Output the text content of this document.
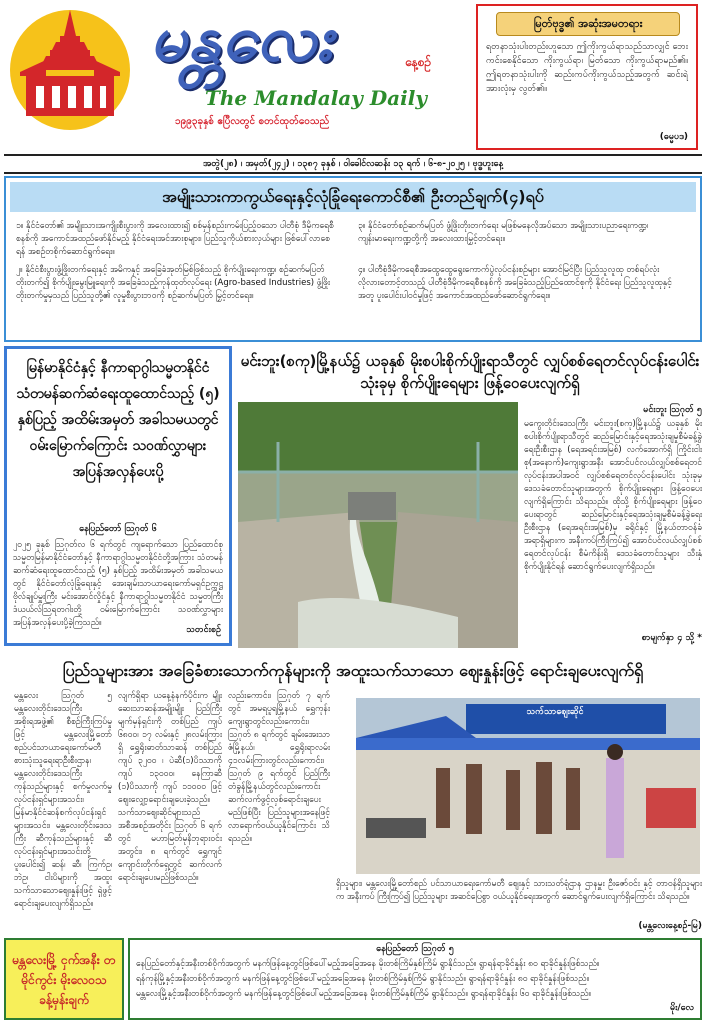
မန္တလေး	နေ့စဉ်
The Mandalay Daily
၁၉၉၃ခုနှစ် ဧပြီလတွင် စတင်ထုတ်ဝေသည်
မြတ်ဗုဒ္ဓ၏ အဆုံးအမတရား
ရတနာသုံးပါးတည်းဟူသော ဤကိုးကွယ်ရာသည်သာလျှင် ဘေးကင်းစေနိုင်သော ကိုးကွယ်ရာ၊ မြတ်သော ကိုးကွယ်ရာမည်၏။ ဤရတနာသုံးပါးကို ဆည်းကပ်ကိုးကွယ်သည့်အတွက် ဆင်းရဲအားလုံးမှ လွတ်၏။
(ဓမ္မပဒ)
အတွဲ(၂၈) ၊ အမှတ်(၂၄၂) ၊ ၁၃၈၇ ခုနှစ် ၊ ဝါခေါင်လဆန်း ၁၃ ရက် ၊ ၆-၈-၂၀၂၅ ၊ ဗုဒ္ဓဟူးနေ့
အမျိုးသားကာကွယ်ရေးနှင့်လုံခြုံရေးကောင်စီ၏ ဦးတည်ချက်(၄)ရပ်
၁။ နိုင်ငံတော်၏ အမျိုးသားအကျိုးစီးပွားကို အလေးထား၍ စစ်မှန်စည်းကမ်းပြည့်ဝသော ပါတီစုံ ဒီမိုကရေစီစနစ်ကို အကောင်အထည်ဖော်နိုင်မည့် နိုင်ငံရေးအင်အားစုများ၊ ပြည်သူကိုယ်စားလှယ်များ ဖြစ်ပေါ်လာစေရန် အစဉ်တစိုက်ဆောင်ရွက်ရေး။
၂။ နိုင်ငံစီးပွားဖွံ့ဖြိုးတက်ရေးနှင့် အမိကနှင့် အခြေခံအုတ်မြစ်ဖြစ်သည့် စိုက်ပျိုးရေးကဏ္ဍ၊ စဉ်ဆက်မပြတ်တိုးတက်၍ စိုက်ပျိုးမွေးမြူရေးကို အခြေခံသည့်ကုန်ထုတ်လုပ်ရေး (Agro-based Industries) ဖွံ့ဖြိုးတိုးတက်မှုမှသည် ပြည်သူတို့၏ လူမှုစီးပွားဘဝကို စဉ်ဆက်မပြတ် မြှင့်တင်ရေး။
၃။ နိုင်ငံတော်စဉ်ဆက်မပြတ် ဖွံ့ဖြိုးတိုးတက်ရေး မဖြစ်မနေလိုအပ်သော အမျိုးသားပညာရေးကဏ္ဍ၊ ကျန်းမာရေးကဏ္ဍတို့ကို အလေးထားမြှင့်တင်ရေး။
၄။ ပါတီစုံဒီမိုကရေစီအထွေထွေရွေးကောက်ပွဲလုပ်ငန်းစဉ်များ အောင်မြင်ပြီး ပြည်သူလူထု တစ်ရပ်လုံး လိုလားတောင့်တသည့် ပါတီစုံဒီမိုကရေစီစနစ်ကို အခြေခံသည့်ပြည်ထောင်စုကို နိုင်ငံရေး ပြည်သူလူထုနှင့်အတူ ပူးပေါင်းပါဝင်မှုဖြင့် အကောင်အထည်ဖော်ဆောင်ရွက်ရေး။
မြန်မာနိုင်ငံနှင့် နီကာရာဂွါသမ္မတနိုင်ငံ သံတမန်ဆက်ဆံရေးထူထောင်သည့် (၅) နှစ်ပြည့် အထိမ်းအမှတ် အခါသမယတွင် ဝမ်းမြောက်ကြောင်း သဝဏ်လွှာများ အပြန်အလှန်ပေးပို့
နေပြည်တော် ဩဂုတ် ၆
၂၀၂၅ ခုနှစ် ဩဂုတ်လ ၆ ရက်တွင် ကျရောက်သော ပြည်ထောင်စုသမ္မတမြန်မာနိုင်ငံတော်နှင့် နီကာရာဂွါသမ္မတနိုင်ငံတို့အကြား သံတမန်ဆက်ဆံရေးထူထောင်သည့် (၅) နှစ်ပြည့် အထိမ်းအမှတ် အခါသမယတွင် နိုင်ငံတော်လုံခြုံရေးနှင့် အေးချမ်းသာယာရေးကော်မရှင်ဥက္ကဋ္ဌ ဗိုလ်ချုပ်မှူးကြီး မင်းအောင်လှိုင်နှင့် နီကာရာဂွါသမ္မတနိုင်ငံ သမ္မတကြီး ဒံယယ်လ်ဩရတဂါးတို့ ဝမ်းမြောက်ကြောင်း သဝဏ်လွှာများ အပြန်အလှန်ပေးပို့ခဲ့ကြသည်။
သတင်းစဉ်
မင်းဘူး(စကု)မြို့နယ်၌ ယခုနှစ် မိုးစပါးစိုက်ပျိုးရာသီတွင် လျှပ်စစ်ရေတင်လုပ်ငန်းပေါင်း သုံးခုမှ စိုက်ပျိုးရေများ ဖြန့်ဝေပေးလျက်ရှိ
မင်းဘူး ဩဂုတ် ၅
မကွေးတိုင်းဒေသကြီး မင်းဘူး(စကု)မြို့နယ်၌ ယခုနှစ် မိုးစပါးစိုက်ပျိုးရာသီတွင် ဆည်မြောင်းနှင့်ရေအသုံးချမှုစီမံခန့်ခွဲရေးဦးစီးဌာန (ရေအရင်းအမြစ်) လက်အောက်ရှိ ကြိုင်းငါးစု(အနောက်)ကျေးရွာအနီး အောင်ပင်လယ်လျှပ်စစ်ရေတင်လုပ်ငန်းအပါအဝင် လျှပ်စစ်ရေတင်လုပ်ငန်းပေါင်း သုံးခုမှ ဒေသခံတောင်သူများအတွက် စိုက်ပျိုးရေများ ဖြန့်ဝေပေးလျက်ရှိကြောင်း သိရသည်။ ထိုသို့ စိုက်ပျိုးရေများ ဖြန့်ဝေပေးရာတွင် ဆည်မြောင်းနှင့်ရေအသုံးချမှုစီမံခန့်ခွဲရေးဦးစီးဌာန (ရေအရင်းအမြစ်)မှ ခရိုင်နှင့် မြို့နယ်တာဝန်ခံအရာရှိများက အနီးကပ်ကြီးကြပ်၍ အောင်ပင်လယ်လျှပ်စစ်ရေတင်လုပ်ငန်း စီမံကိန်းရှိ ဒေသခံတောင်သူများ သီးနှံစိုက်ပျိုးနိုင်ရန် ဆောင်ရွက်ပေးလျက်ရှိသည်။
စာမျက်နှာ ၄ သို့ *
ပြည်သူများအား အခြေခံစားသောက်ကုန်များကို အထူးသက်သာသော ဈေးနှုန်းဖြင့် ရောင်းချပေးလျက်ရှိ
မန္တလေး ဩဂုတ် ၅ မန္တလေးတိုင်းဒေသကြီး အစိုးရအဖွဲ့၏ စီစဉ်ကြီးကြပ်မှုဖြင့် မန္တလေးမြို့တော်စည်ပင်သာယာရေးကော်မတီ စားသုံးသူရေးရာဦးစီးဌာန၊ မန္တလေးတိုင်းဒေသကြီး ကုန်သည်များနှင့် စက်မှုလက်မှုလုပ်ငန်းရှင်များအသင်း၊ မြန်မာနိုင်ငံဆန်စက်လုပ်ငန်းရှင်များအသင်း၊ မန္တလေးတိုင်းဒေသကြီး ဆီကုန်သည်များနှင့် ဆီလုပ်ငန်းရှင်များအသင်းတို့ ပူးပေါင်း၍ ဆန်၊ ဆီ၊ ကြက်ဥ၊ ဘဲဥ၊ ငါးပိများကို အထူးသက်သာသောဈေးနှုန်းဖြင့် ရှဲဖွင့်ရောင်းချပေးလျက်ရှိသည်။
လျက်ရှိရာ ယနေ့နံနက်ပိုင်းက မျိုးဆေးသာဆန်အမျိုးမျိုး ပြည်ကြီးမျက်မှန်ရှင်းကို တစ်ပြည် ကျပ် ၆၈၀၀၊ ၁၇ လမ်းနှင့် ၂၈လမ်းကြားရှိ ရွှေရိုးဓာတ်သာဆန် တစ်ပြည် ကျပ် ၃၂၀၀ ၊ ပဲဆီ(၁)ပိဿာကို ကျပ် ၁၃၀၀၀၊ နေကြာဆီ (၁)ပိဿာကို ကျပ် ၁၁၀၀၀ ဖြင့် ဈေးလျှော့ရောင်းချပေးခဲ့သည်။ သက်သာဈေးဆိုင်များသည် အစီအစဉ်အတိုင်း ဩဂုတ် ၆ ရက်တွင် မဟာမြတ်မုနိဘုရားဝင်းအတွင်း၊ ၈ ရက်တွင် ရွှေကျင်ကျောင်းတိုက်ရှေ့တွင် ဆက်လက်ရောင်းချပေးမည်ဖြစ်သည်။
လည်းကောင်း၊ ဩဂုတ် ၇ ရက်တွင် အမရပူရမြို့နယ် ရွှေကုန်းကျေးရွာတွင်လည်းကောင်း၊ ဩဂုတ် ၈ ရက်တွင် ချမ်းအေးသာဇံမြို့နယ်၊ ရွှေရိုးရာလမ်း ၄၁လမ်းကြားတွင်လည်းကောင်း၊ ဩဂုတ် ၉ ရက်တွင် ပြည်ကြီးတံခွန်မြို့နယ်တွင်လည်းကောင်း ဆက်လက်ဖွင့်လှစ်ရောင်းချပေးမည်ဖြစ်ပြီး ပြည်သူများအနေဖြင့် လာရောက်ဝယ်ယူနိုင်ကြောင်း သိရသည်။
သက်သာဈေးဆိုင်
ရှိသူများ၊ မန္တလေးမြို့တော်စည် ပင်သာယာရေးကော်မတီ ဈေးနှင့် သားသတ်ရုံဌာန ဌာနမှူး ဦးဇော်ဝင်း နှင့် တာဝန်ရှိသူများက အနီးကပ် ကြီးကြပ်၍ ပြည်သူများ အဆင်ပြေစွာ ဝယ်ယူနိုင်ရေးအတွက် ဆောင်ရွက်ပေးလျက်ရှိကြောင်း သိရသည်။
(မန္တလေးနေ့စဉ်-မြ)
မန္တလေးမြို့ ငှက်အနီး တမိုင်ကွင်း မိုးလေဝသ ခန့်မှန်းချက်
နေပြည်တော် ဩဂုတ် ၅
နေပြည်တော်နှင့်အနီးတစ်ဝိုက်အတွက် မနက်ဖြန်နေ့တွင်ဖြစ်ပေါ်မည့်အခြေအနေ မိုးတစ်ကြိမ်နှစ်ကြိမ် ရွာနိုင်သည်။ ရွာရန်ရာခိုင်နှုန်း ၈၀ ရာခိုင်နှုန်းဖြစ်သည်။
ရန်ကုန်မြို့နှင့်အနီးတစ်ဝိုက်အတွက် မနက်ဖြန်နေ့တွင်ဖြစ်ပေါ်မည့်အခြေအနေ မိုးတစ်ကြိမ်နှစ်ကြိမ် ရွာနိုင်သည်။ ရွာရန်ရာခိုင်နှုန်း ၈၀ ရာခိုင်နှုန်းဖြစ်သည်။
မန္တလေးမြို့နှင့်အနီးတစ်ဝိုက်အတွက် မနက်ဖြန်နေ့တွင်ဖြစ်ပေါ်မည့်အခြေအနေ မိုးတစ်ကြိမ်နှစ်ကြိမ် ရွာနိုင်သည်။ ရွာရန်ရာခိုင်နှုန်း ၆၀ ရာခိုင်နှုန်းဖြစ်သည်။
မိုး/လေ
